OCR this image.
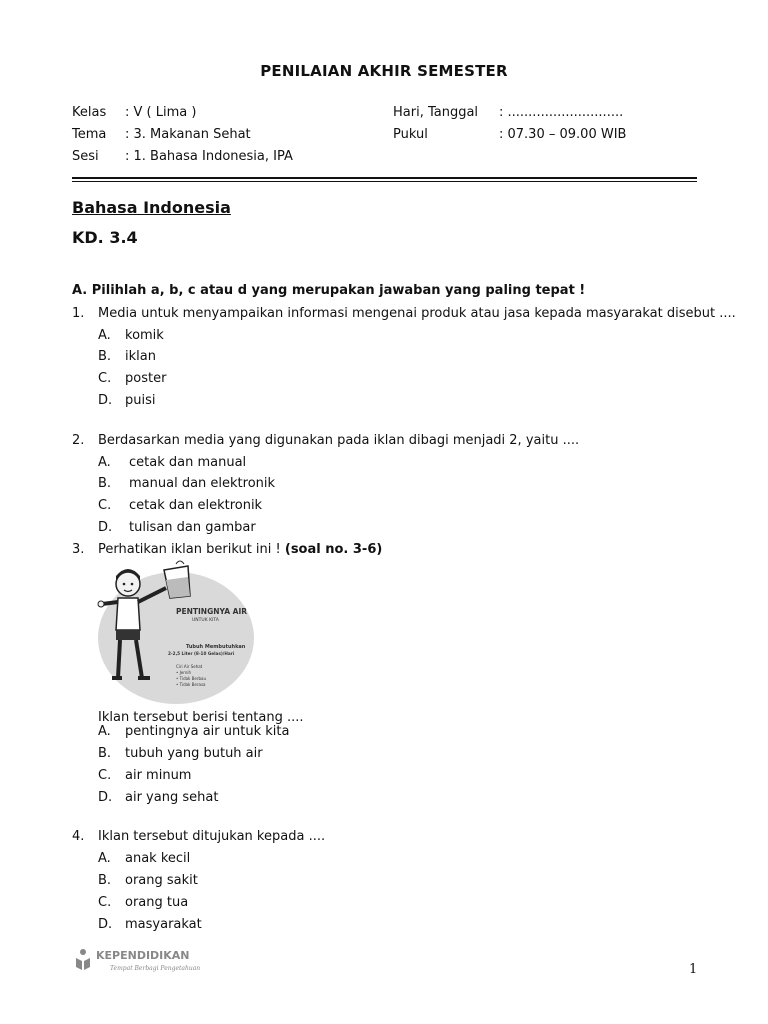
PENILAIAN AKHIR SEMESTER
Kelas : V ( Lima )
Tema : 3. Makanan Sehat
Sesi : 1. Bahasa Indonesia, IPA
Hari, Tanggal : ............................
Pukul	: 07.30 – 09.00 WIB
Bahasa Indonesia
KD. 3.4
A. Pilihlah a, b, c atau d yang merupakan jawaban yang paling tepat !
1. Media untuk menyampaikan informasi mengenai produk atau jasa kepada masyarakat disebut ....
A. komik
B. iklan
C. poster
D. puisi
2. Berdasarkan media yang digunakan pada iklan dibagi menjadi 2, yaitu ....
A. cetak dan manual
B. manual dan elektronik
C. cetak dan elektronik
D. tulisan dan gambar
3. Perhatikan iklan berikut ini ! (soal no. 3-6)
PENTINGNYA AIR
UNTUK KITA
Tubuh Membutuhkan
2-2,5 Liter (8-10 Gelas)/Hari
Ciri Air Sehat
• Jernih
• Tidak Berbau
• Tidak Berasa
Iklan tersebut berisi tentang ....
A. pentingnya air untuk kita
B. tubuh yang butuh air
C. air minum
D. air yang sehat
4. Iklan tersebut ditujukan kepada ....
A. anak kecil
B. orang sakit
C. orang tua
D. masyarakat
KEPENDIDIKAN
Tempat Berbagi Pengetahuan	1
